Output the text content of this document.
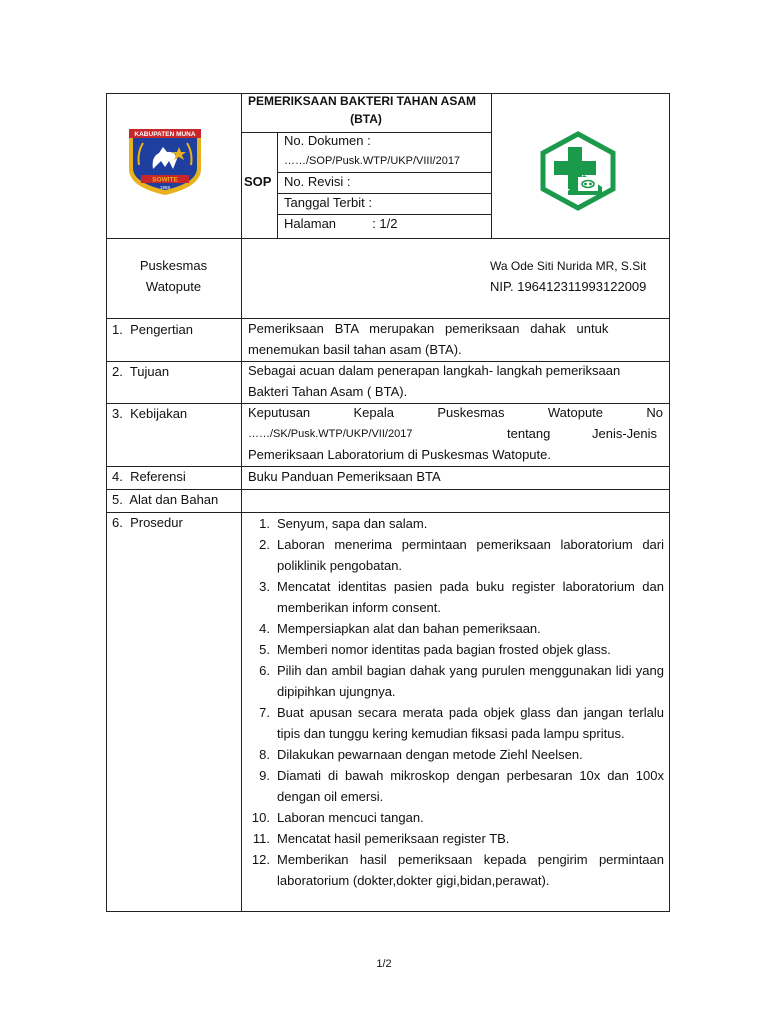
KABUPATEN MUNA
SOWITE
1959
PEMERIKSAAN BAKTERI TAHAN ASAM
(BTA)
SOP
No. Dokumen :
……/SOP/Pusk.WTP/UKP/VIII/2017
No. Revisi :
Tanggal Terbit :
Halaman          : 1/2
Puskesmas
Watopute
Wa Ode Siti Nurida MR, S.Sit
NIP. 196412311993122009
1.  Pengertian
2.  Tujuan
3.  Kebijakan
4.  Referensi
5.  Alat dan Bahan
6.  Prosedur
Pemeriksaan   BTA   merupakan   pemeriksaan   dahak   untuk
menemukan basil tahan asam (BTA).
Sebagai acuan dalam penerapan langkah- langkah pemeriksaan
Bakteri Tahan Asam ( BTA).
Keputusan            Kepala            Puskesmas            Watopute            No
……/SK/Pusk.WTP/UKP/VII/2017	tentang	Jenis-Jenis
Pemeriksaan Laboratorium di Puskesmas Watopute.
Buku Panduan Pemeriksaan BTA
1. Senyum, sapa dan salam.
2. Laboran menerima permintaan pemeriksaan laboratorium dari poliklinik pengobatan.
3. Mencatat identitas pasien pada buku register laboratorium dan memberikan inform consent.
4. Mempersiapkan alat dan bahan pemeriksaan.
5. Memberi nomor identitas pada bagian frosted objek glass.
6. Pilih dan ambil bagian dahak yang purulen menggunakan lidi yang dipipihkan ujungnya.
7. Buat apusan secara merata pada objek glass dan jangan terlalu tipis dan tunggu kering kemudian fiksasi pada lampu spritus.
8. Dilakukan pewarnaan dengan metode Ziehl Neelsen.
9. Diamati di bawah mikroskop dengan perbesaran 10x dan 100x dengan oil emersi.
10. Laboran mencuci tangan.
11. Mencatat hasil pemeriksaan register TB.
12. Memberikan hasil pemeriksaan kepada pengirim permintaan laboratorium (dokter,dokter gigi,bidan,perawat).
1/2
